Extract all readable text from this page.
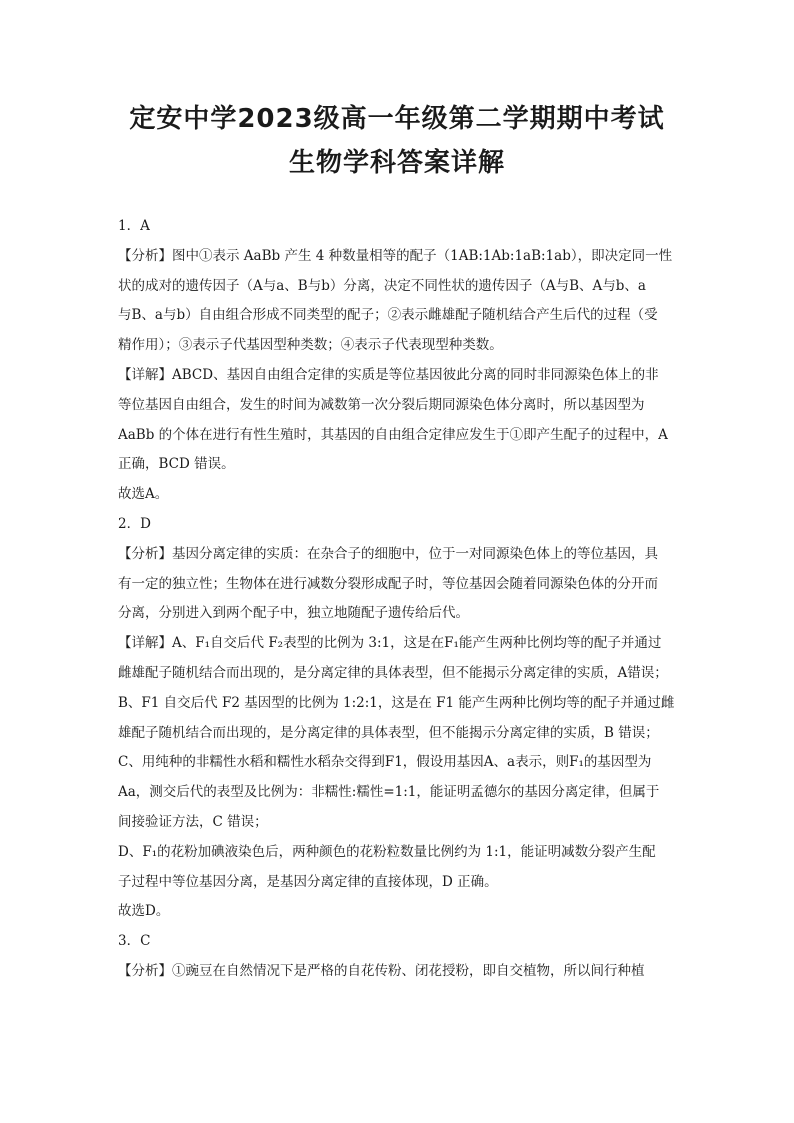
定安中学2023级高一年级第二学期期中考试
生物学科答案详解
1．A
【分析】图中①表示 AaBb 产生 4 种数量相等的配子（1AB:1Ab:1aB:1ab），即决定同一性
状的成对的遗传因子（A与a、B与b）分离，决定不同性状的遗传因子（A与B、A与b、a
与B、a与b）自由组合形成不同类型的配子；②表示雌雄配子随机结合产生后代的过程（受
精作用）；③表示子代基因型种类数；④表示子代表现型种类数。
【详解】ABCD、基因自由组合定律的实质是等位基因彼此分离的同时非同源染色体上的非
等位基因自由组合，发生的时间为减数第一次分裂后期同源染色体分离时，所以基因型为
AaBb 的个体在进行有性生殖时，其基因的自由组合定律应发生于①即产生配子的过程中，A
正确，BCD 错误。
故选A。
2．D
【分析】基因分离定律的实质：在杂合子的细胞中，位于一对同源染色体上的等位基因，具
有一定的独立性；生物体在进行减数分裂形成配子时，等位基因会随着同源染色体的分开而
分离，分别进入到两个配子中，独立地随配子遗传给后代。
【详解】A、F₁自交后代 F₂表型的比例为 3:1，这是在F₁能产生两种比例均等的配子并通过
雌雄配子随机结合而出现的，是分离定律的具体表型，但不能揭示分离定律的实质，A错误；
B、F1 自交后代 F2 基因型的比例为 1:2:1，这是在 F1 能产生两种比例均等的配子并通过雌
雄配子随机结合而出现的，是分离定律的具体表型，但不能揭示分离定律的实质，B 错误；
C、用纯种的非糯性水稻和糯性水稻杂交得到F1，假设用基因A、a表示，则F₁的基因型为
Aa，测交后代的表型及比例为：非糯性:糯性=1:1，能证明孟德尔的基因分离定律，但属于
间接验证方法，C 错误；
D、F₁的花粉加碘液染色后，两种颜色的花粉粒数量比例约为 1:1，能证明减数分裂产生配
子过程中等位基因分离，是基因分离定律的直接体现，D 正确。
故选D。
3．C
【分析】①豌豆在自然情况下是严格的自花传粉、闭花授粉，即自交植物，所以间行种植
